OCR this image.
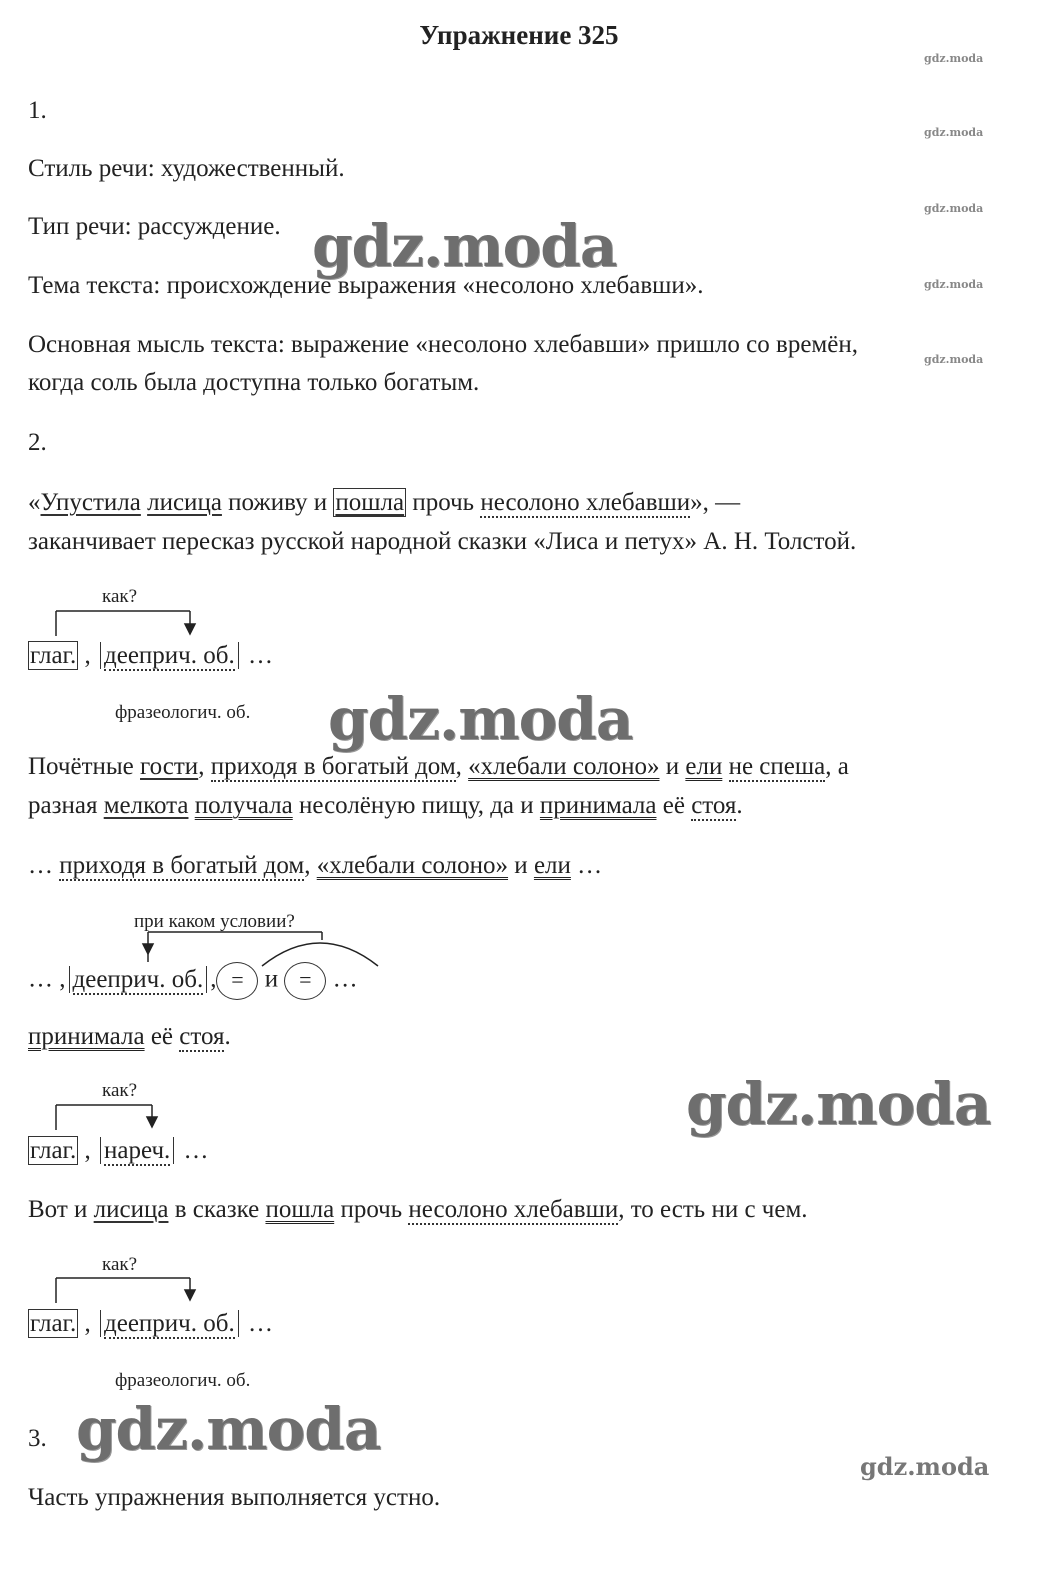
Упражнение 325
gdz.moda
gdz.moda
gdz.moda
gdz.moda
gdz.moda
1.
Стиль речи: художественный.
Тип речи: рассуждение. gdz.moda
Тема текста: происхождение выражения «несолоно хлебавши».
Основная мысль текста: выражение «несолоно хлебавши» пришло со времён,
когда соль была доступна только богатым.
2.
«Упустила лисица поживу и пошла прочь несолоно хлебавши», —
заканчивает пересказ русской народной сказки «Лиса и петух» А. Н. Толстой.
как?
глаг. , дееприч. об. …
фразеологич. об. gdz.moda
Почётные гости, приходя в богатый дом, «хлебали солоно» и ели не спеша, а
разная мелкота получала несолёную пищу, да и принимала её стоя.
… приходя в богатый дом, «хлебали солоно» и ели …
при каком условии?
… , дееприч. об. , = и = …
принимала её стоя.
как?	gdz.moda
глаг. , нареч. …
Вот и лисица в сказке пошла прочь несолоно хлебавши, то есть ни с чем.
как?
глаг. , дееприч. об. …
фразеологич. об.
gdz.moda
3.
gdz.moda
Часть упражнения выполняется устно.
